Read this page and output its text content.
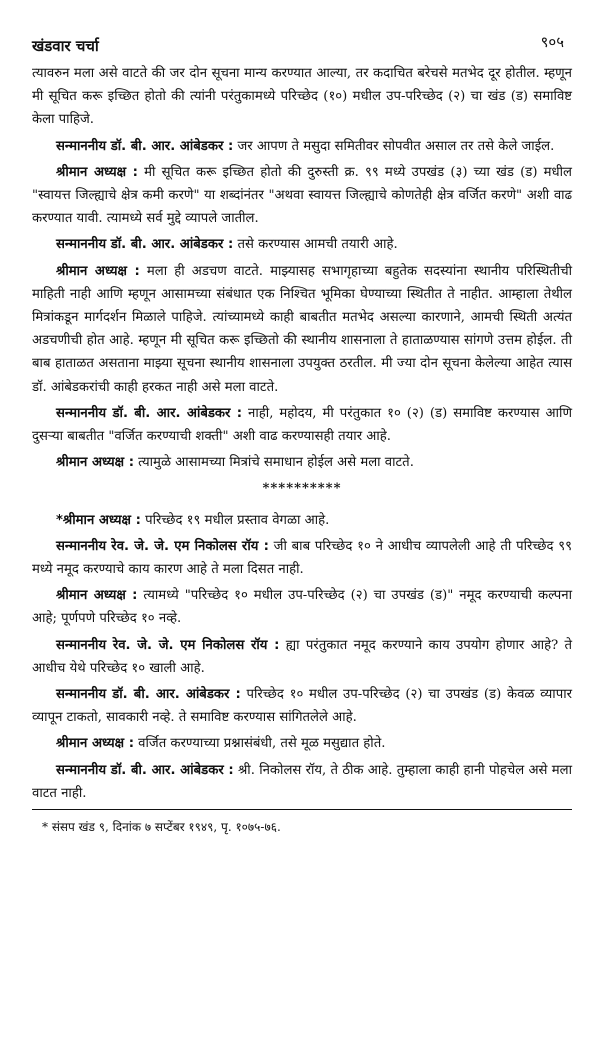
खंडवार चर्चा	९०५

त्यावरुन मला असे वाटते की जर दोन सूचना मान्य करण्यात आल्या, तर कदाचित बरेचसे मतभेद दूर होतील. म्हणून मी सूचित करू इच्छित होतो की त्यांनी परंतुकामध्ये परिच्छेद (१०) मधील उप-परिच्छेद (२) चा खंड (ड) समाविष्ट केला पाहिजे.

सन्माननीय डॉ. बी. आर. आंबेडकर : जर आपण ते मसुदा समितीवर सोपवीत असाल तर तसे केले जाईल.

श्रीमान अध्यक्ष : मी सूचित करू इच्छित होतो की दुरुस्ती क्र. ९९ मध्ये उपखंड (३) च्या खंड (ड) मधील "स्वायत्त जिल्ह्याचे क्षेत्र कमी करणे" या शब्दांनंतर "अथवा स्वायत्त जिल्ह्याचे कोणतेही क्षेत्र वर्जित करणे" अशी वाढ करण्यात यावी. त्यामध्ये सर्व मुद्दे व्यापले जातील.

सन्माननीय डॉ. बी. आर. आंबेडकर : तसे करण्यास आमची तयारी आहे.

श्रीमान अध्यक्ष : मला ही अडचण वाटते. माझ्यासह सभागृहाच्या बहुतेक सदस्यांना स्थानीय परिस्थितीची माहिती नाही आणि म्हणून आसामच्या संबंधात एक निश्चित भूमिका घेण्याच्या स्थितीत ते नाहीत. आम्हाला तेथील मित्रांकडून मार्गदर्शन मिळाले पाहिजे. त्यांच्यामध्ये काही बाबतीत मतभेद असल्या कारणाने, आमची स्थिती अत्यंत अडचणीची होत आहे. म्हणून मी सूचित करू इच्छितो की स्थानीय शासनाला ते हाताळण्यास सांगणे उत्तम होईल. ती बाब हाताळत असताना माझ्या सूचना स्थानीय शासनाला उपयुक्त ठरतील. मी ज्या दोन सूचना केलेल्या आहेत त्यास डॉ. आंबेडकरांची काही हरकत नाही असे मला वाटते.

सन्माननीय डॉ. बी. आर. आंबेडकर : नाही, महोदय, मी परंतुकात १० (२) (ड) समाविष्ट करण्यास आणि दुसऱ्या बाबतीत "वर्जित करण्याची शक्ती" अशी वाढ करण्यासही तयार आहे.

श्रीमान अध्यक्ष : त्यामुळे आसामच्या मित्रांचे समाधान होईल असे मला वाटते.

**********

*श्रीमान अध्यक्ष : परिच्छेद १९ मधील प्रस्ताव वेगळा आहे.

सन्माननीय रेव. जे. जे. एम निकोलस रॉय : जी बाब परिच्छेद १० ने आधीच व्यापलेली आहे ती परिच्छेद ९९ मध्ये नमूद करण्याचे काय कारण आहे ते मला दिसत नाही.

श्रीमान अध्यक्ष : त्यामध्ये "परिच्छेद १० मधील उप-परिच्छेद (२) चा उपखंड (ड)" नमूद करण्याची कल्पना आहे; पूर्णपणे परिच्छेद १० नव्हे.

सन्माननीय रेव. जे. जे. एम निकोलस रॉय : ह्या परंतुकात नमूद करण्याने काय उपयोग होणार आहे? ते आधीच येथे परिच्छेद १० खाली आहे.

सन्माननीय डॉ. बी. आर. आंबेडकर : परिच्छेद १० मधील उप-परिच्छेद (२) चा उपखंड (ड) केवळ व्यापार व्यापून टाकतो, सावकारी नव्हे. ते समाविष्ट करण्यास सांगितलेले आहे.

श्रीमान अध्यक्ष : वर्जित करण्याच्या प्रश्नासंबंधी, तसे मूळ मसुद्यात होते.

सन्माननीय डॉ. बी. आर. आंबेडकर : श्री. निकोलस रॉय, ते ठीक आहे. तुम्हाला काही हानी पोहचेल असे मला वाटत नाही.

* संसप खंड ९, दिनांक ७ सप्टेंबर १९४९, पृ. १०७५-७६.
